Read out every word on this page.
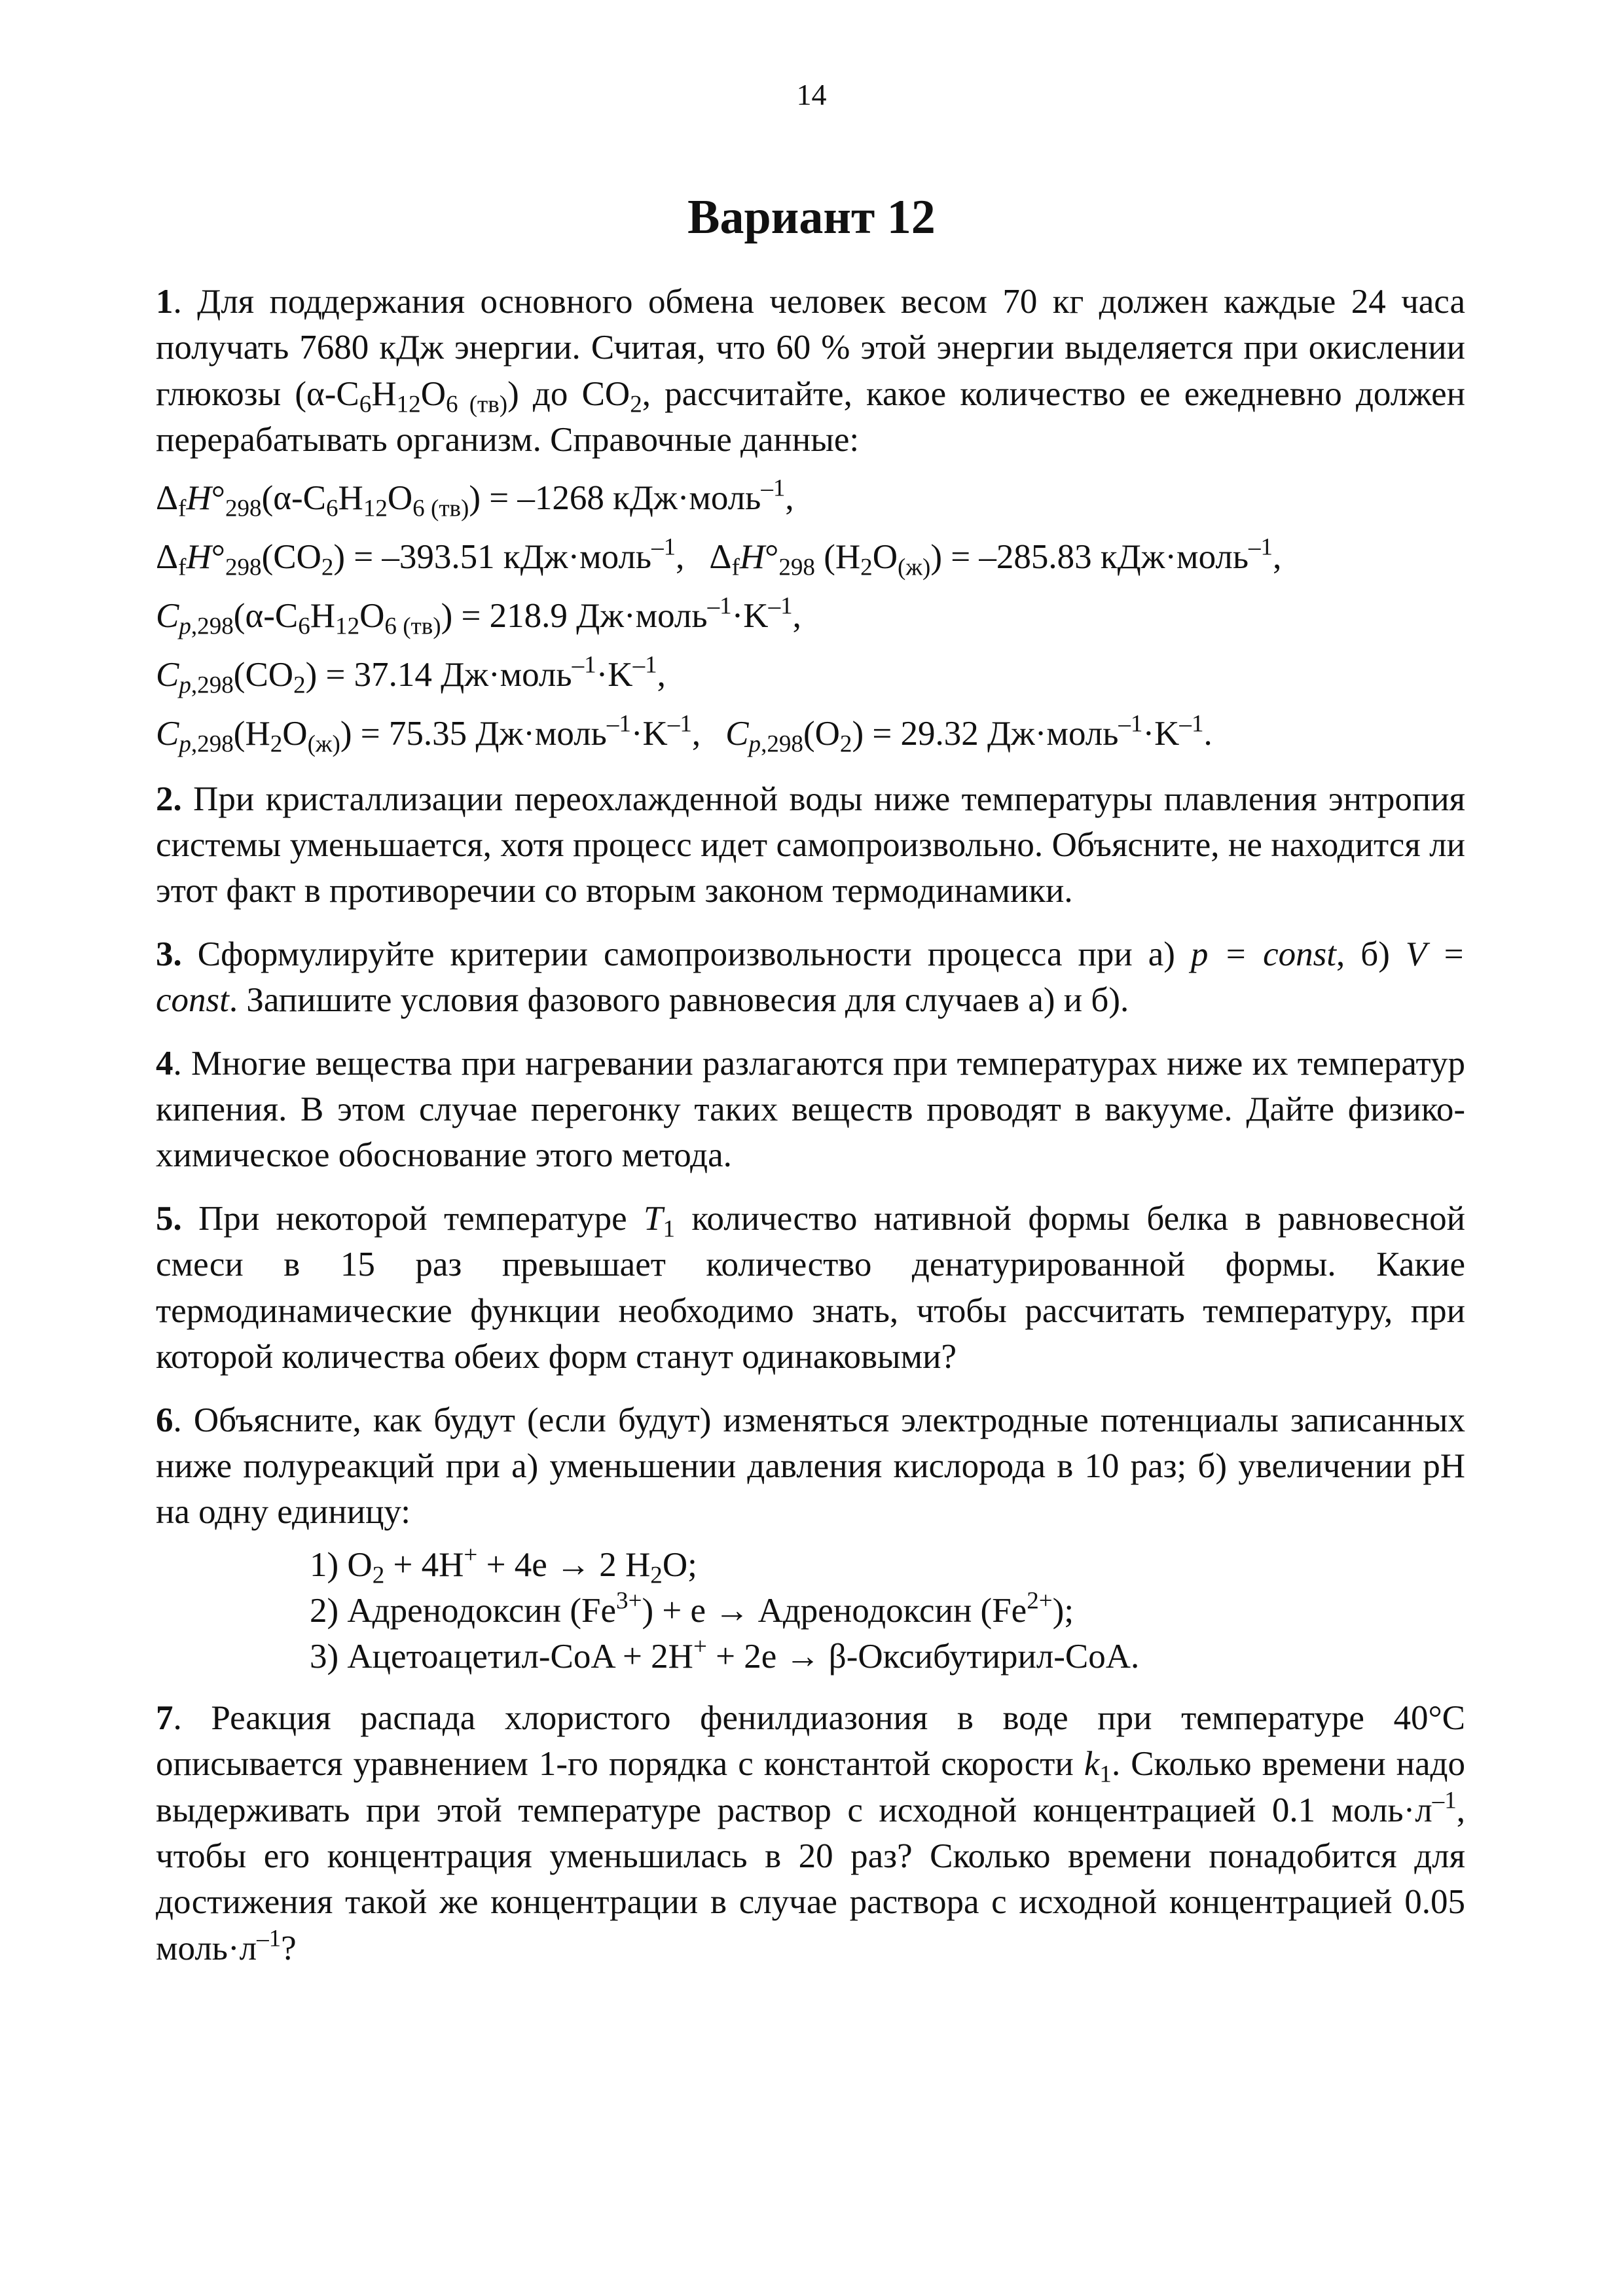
14
Вариант 12
1. Для поддержания основного обмена человек весом 70 кг должен каждые 24 часа получать 7680 кДж энергии. Считая, что 60 % этой энергии выделяется при окислении глюкозы $(\alpha-C_6H_{12}O_{6 (тв)})$ до $CO_2$, рассчитайте, какое количество ее ежедневно должен перерабатывать организм. Справочные данные:
$\Delta_fH^\circ_{298}(\alpha-C_6H_{12}O_{6 (тв)}) = -1268$ кДж·моль$^{-1}$,
$\Delta_fH^\circ_{298}(CO_2) = -393.51$ кДж·моль$^{-1}$, $\Delta_fH^\circ_{298}$ $(H_2O_{(ж)}) = -285.83$ кДж·моль$^{-1}$,
$C_{p,298}(\alpha-C_6H_{12}O_{6 (тв)}) = 218.9$ $Дж\cdot моль^{-1}\cdot K^{-1}$,
$C_{p,298}(CO_2) = 37.14$ $Дж\cdot моль^{-1}\cdot K^{-1}$,
$C_{p,298}(H_2O_{(ж)}) = 75.35$ $Дж\cdot моль^{-1}\cdot K^{-1}$, $C_{p,298}(O_2) = 29.32$ $Дж\cdot моль^{-1}\cdot K^{-1}$.
2. При кристаллизации переохлажденной воды ниже температуры плавления энтропия системы уменьшается, хотя процесс идет самопроизвольно. Объясните, не находится ли этот факт в противоречии со вторым законом термодинамики.
3. Сформулируйте критерии самопроизвольности процесса при а) p = const, б) V = const. Запишите условия фазового равновесия для случаев а) и б).
4. Многие вещества при нагревании разлагаются при температурах ниже их температур кипения. В этом случае перегонку таких веществ проводят в вакууме. Дайте физико-химическое обоснование этого метода.
5. При некоторой температуре $T_1$ количество нативной формы белка в равновесной смеси в 15 раз превышает количество денатурированной формы. Какие термодинамические функции необходимо знать, чтобы рассчитать температуру, при которой количества обеих форм станут одинаковыми?
6. Объясните, как будут (если будут) изменяться электродные потенциалы записанных ниже полуреакций при а) уменьшении давления кислорода в 10 раз; б) увеличении pH на одну единицу:
1) $O_2 + 4H^+ + 4e \to 2$ $H_2O$;
2) Адренодоксин $(Fe^{3+}) + e$ → Адренодоксин $(Fe^{2+})$;
3) Ацетоацетил-CoA + 2H+ + 2e → β-Оксибутирил-CoA.
7. Реакция распада хлористого фенилдиазония в воде при температуре 40°C описывается уравнением 1-го порядка с константой скорости $k_1$. Сколько времени надо выдерживать при этой температуре раствор с исходной концентрацией 0.1 $моль\cdot л^{-1}$, чтобы его концентрация уменьшилась в 20 раз? Сколько времени понадобится для достижения такой же концентрации в случае раствора с исходной концентрацией 0.05 $моль\cdot л^{-1}$?
